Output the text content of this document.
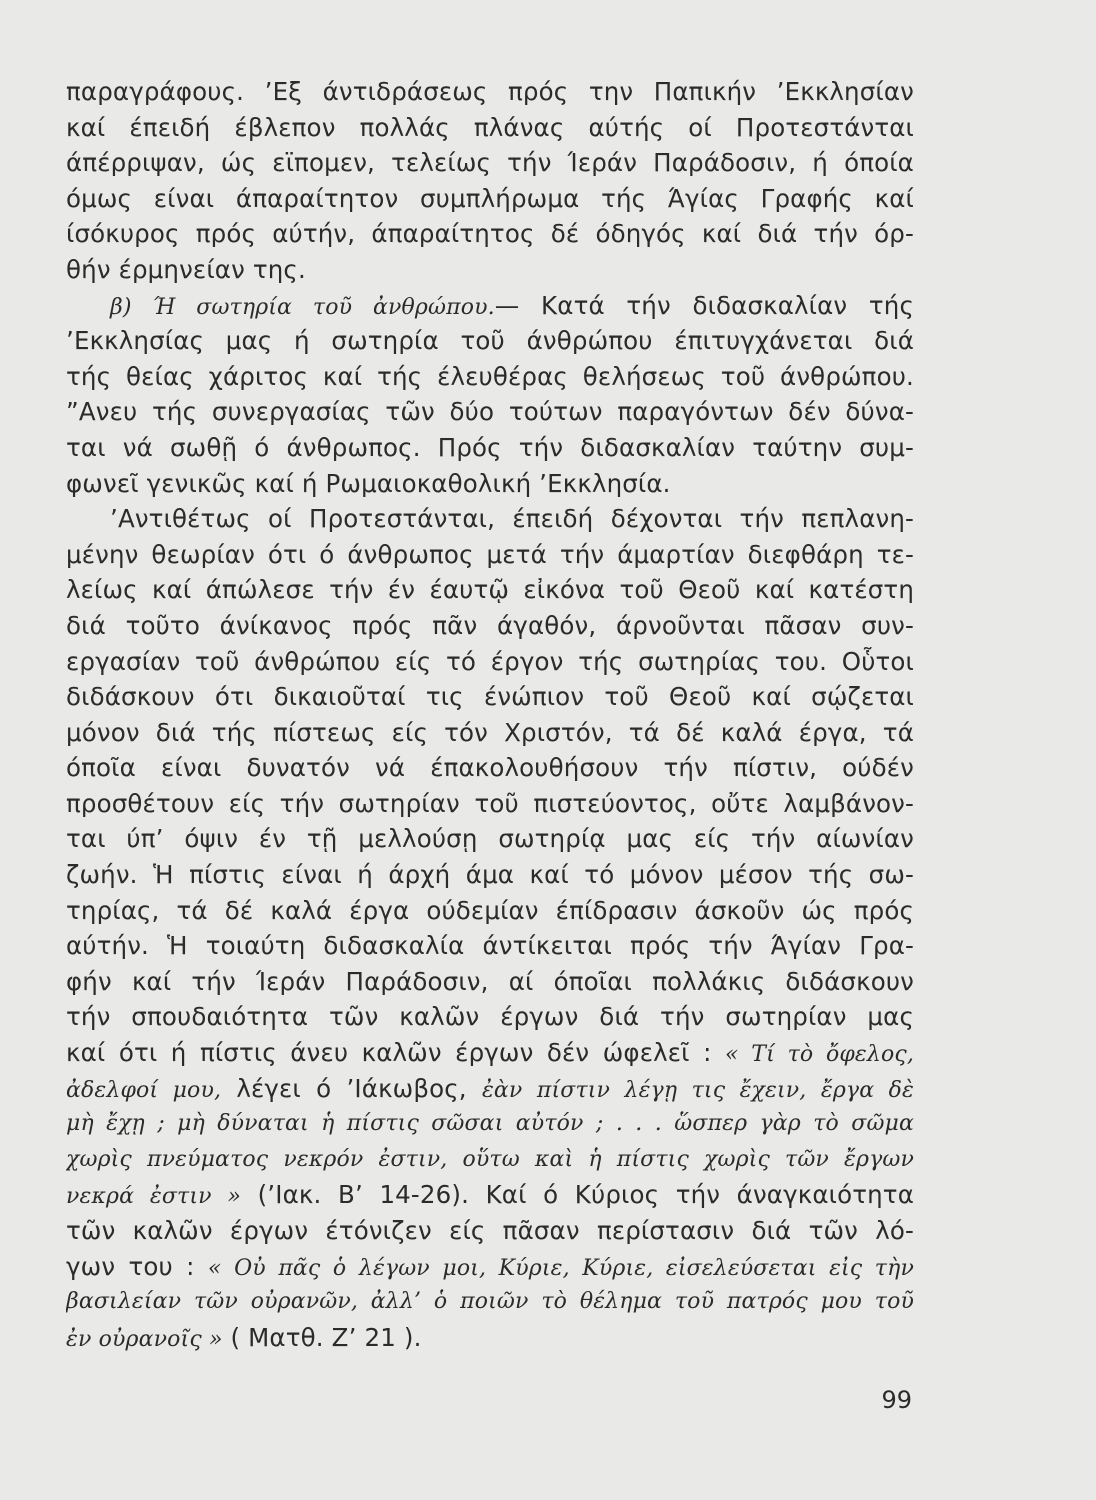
παραγράφους. ’Εξ άντιδράσεως πρός την Παπικήν ’Εκκλησίαν
καί έπειδή έβλεπον πολλάς πλάνας αύτής οί Προτεστάνται
άπέρριψαν, ώς εϊπομεν, τελείως τήν Ίεράν Παράδοσιν, ή όποία
όμως είναι άπαραίτητον συμπλήρωμα τής Άγίας Γραφής καί
ίσόκυρος πρός αύτήν, άπαραίτητος δέ όδηγός καί διά τήν όρ-
θήν έρμηνείαν της.
β) Ή σωτηρία τοῦ ἀνθρώπου.— Κατά τήν διδασκαλίαν τής
’Εκκλησίας μας ή σωτηρία τοῦ άνθρώπου έπιτυγχάνεται διά
τής θείας χάριτος καί τής έλευθέρας θελήσεως τοῦ άνθρώπου.
”Ανευ τής συνεργασίας τῶν δύο τούτων παραγόντων δέν δύνα-
ται νά σωθῇ ό άνθρωπος. Πρός τήν διδασκαλίαν ταύτην συμ-
φωνεῖ γενικῶς καί ή Ρωμαιοκαθολική ’Εκκλησία.
’Αντιθέτως οί Προτεστάνται, έπειδή δέχονται τήν πεπλανη-
μένην θεωρίαν ότι ό άνθρωπος μετά τήν άμαρτίαν διεφθάρη τε-
λείως καί άπώλεσε τήν έν έαυτῷ εἰκόνα τοῦ Θεοῦ καί κατέστη
διά τοῦτο άνίκανος πρός πᾶν άγαθόν, άρνοῦνται πᾶσαν συν-
εργασίαν τοῦ άνθρώπου είς τό έργον τής σωτηρίας του. Οὗτοι
διδάσκουν ότι δικαιοῦταί τις ένώπιον τοῦ Θεοῦ καί σῴζεται
μόνον διά τής πίστεως είς τόν Χριστόν, τά δέ καλά έργα, τά
όποῖα είναι δυνατόν νά έπακολουθήσουν τήν πίστιν, ούδέν
προσθέτουν είς τήν σωτηρίαν τοῦ πιστεύοντος, οὔτε λαμβάνον-
ται ύπ’ όψιν έν τῇ μελλούσῃ σωτηρίᾳ μας είς τήν αίωνίαν
ζωήν. Ἡ πίστις είναι ή άρχή άμα καί τό μόνον μέσον τής σω-
τηρίας, τά δέ καλά έργα ούδεμίαν έπίδρασιν άσκοῦν ώς πρός
αύτήν. Ἡ τοιαύτη διδασκαλία άντίκειται πρός τήν Άγίαν Γρα-
φήν καί τήν Ίεράν Παράδοσιν, αί όποῖαι πολλάκις διδάσκουν
τήν σπουδαιότητα τῶν καλῶν έργων διά τήν σωτηρίαν μας
καί ότι ή πίστις άνευ καλῶν έργων δέν ώφελεῖ : « Τί τὸ ὄφελος,
ἀδελφοί μου, λέγει ό ’Ιάκωβος, ἐὰν πίστιν λέγῃ τις ἔχειν, ἔργα δὲ
μὴ ἔχῃ ; μὴ δύναται ἡ πίστις σῶσαι αὐτόν ; . . . ὥσπερ γὰρ τὸ σῶμα
χωρὶς πνεύματος νεκρόν ἐστιν, οὕτω καὶ ἡ πίστις χωρὶς τῶν ἔργων
νεκρά ἐστιν » (’Ιακ. Β’ 14-26). Καί ό Κύριος τήν άναγκαιότητα
τῶν καλῶν έργων έτόνιζεν είς πᾶσαν περίστασιν διά τῶν λό-
γων του : « Οὐ πᾶς ὁ λέγων μοι, Κύριε, Κύριε, εἰσελεύσεται εἰς τὴν
βασιλείαν τῶν οὐρανῶν, ἀλλ’ ὁ ποιῶν τὸ θέλημα τοῦ πατρός μου τοῦ
ἐν οὐρανοῖς » ( Ματθ. Ζ’ 21 ).
99
